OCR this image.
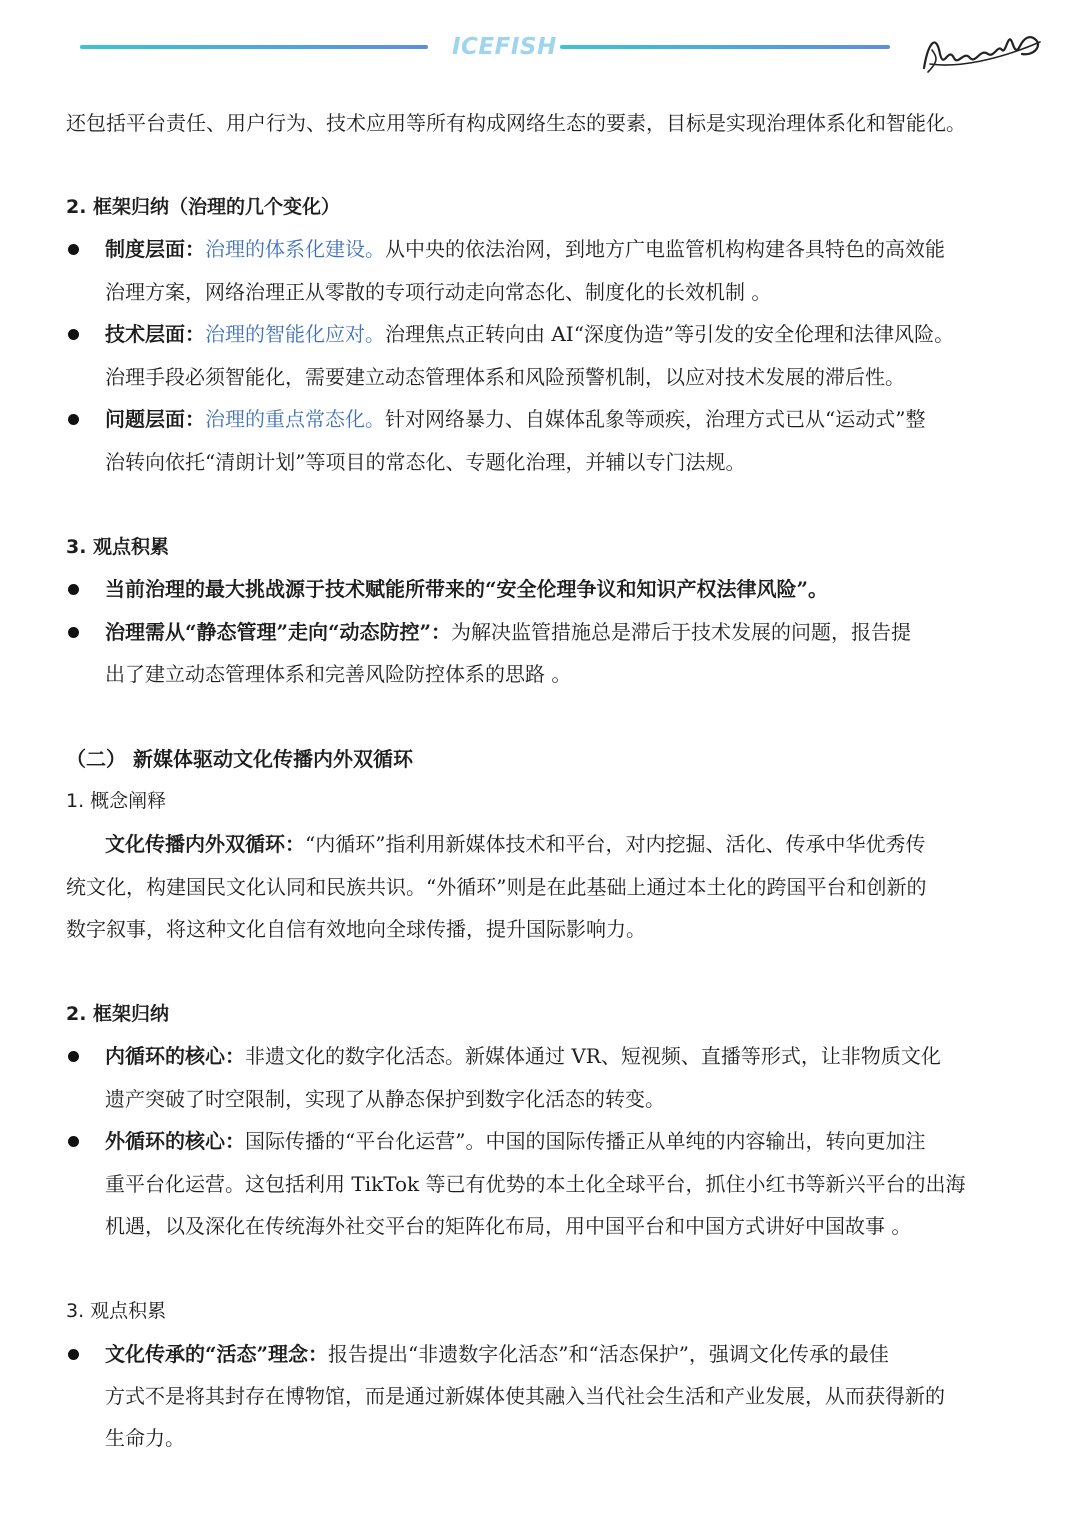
ICEFISH
还包括平台责任、用户行为、技术应用等所有构成网络生态的要素，目标是实现治理体系化和智能化。
2. 框架归纳（治理的几个变化）
制度层面：治理的体系化建设。从中央的依法治网，到地方广电监管机构构建各具特色的高效能
治理方案，网络治理正从零散的专项行动走向常态化、制度化的长效机制 。
技术层面：治理的智能化应对。治理焦点正转向由 AI“深度伪造”等引发的安全伦理和法律风险。
治理手段必须智能化，需要建立动态管理体系和风险预警机制，以应对技术发展的滞后性。
问题层面：治理的重点常态化。针对网络暴力、自媒体乱象等顽疾，治理方式已从“运动式”整
治转向依托“清朗计划”等项目的常态化、专题化治理，并辅以专门法规。
3. 观点积累
当前治理的最大挑战源于技术赋能所带来的“安全伦理争议和知识产权法律风险”。
治理需从“静态管理”走向“动态防控”：为解决监管措施总是滞后于技术发展的问题，报告提
出了建立动态管理体系和完善风险防控体系的思路 。
（二） 新媒体驱动文化传播内外双循环
1. 概念阐释
文化传播内外双循环：“内循环”指利用新媒体技术和平台，对内挖掘、活化、传承中华优秀传
统文化，构建国民文化认同和民族共识。“外循环”则是在此基础上通过本土化的跨国平台和创新的
数字叙事，将这种文化自信有效地向全球传播，提升国际影响力。
2. 框架归纳
内循环的核心：非遗文化的数字化活态。新媒体通过 VR、短视频、直播等形式，让非物质文化
遗产突破了时空限制，实现了从静态保护到数字化活态的转变。
外循环的核心：国际传播的“平台化运营”。中国的国际传播正从单纯的内容输出，转向更加注
重平台化运营。这包括利用 TikTok 等已有优势的本土化全球平台，抓住小红书等新兴平台的出海
机遇，以及深化在传统海外社交平台的矩阵化布局，用中国平台和中国方式讲好中国故事 。
3. 观点积累
文化传承的“活态”理念：报告提出“非遗数字化活态”和“活态保护”，强调文化传承的最佳
方式不是将其封存在博物馆，而是通过新媒体使其融入当代社会生活和产业发展，从而获得新的
生命力。
